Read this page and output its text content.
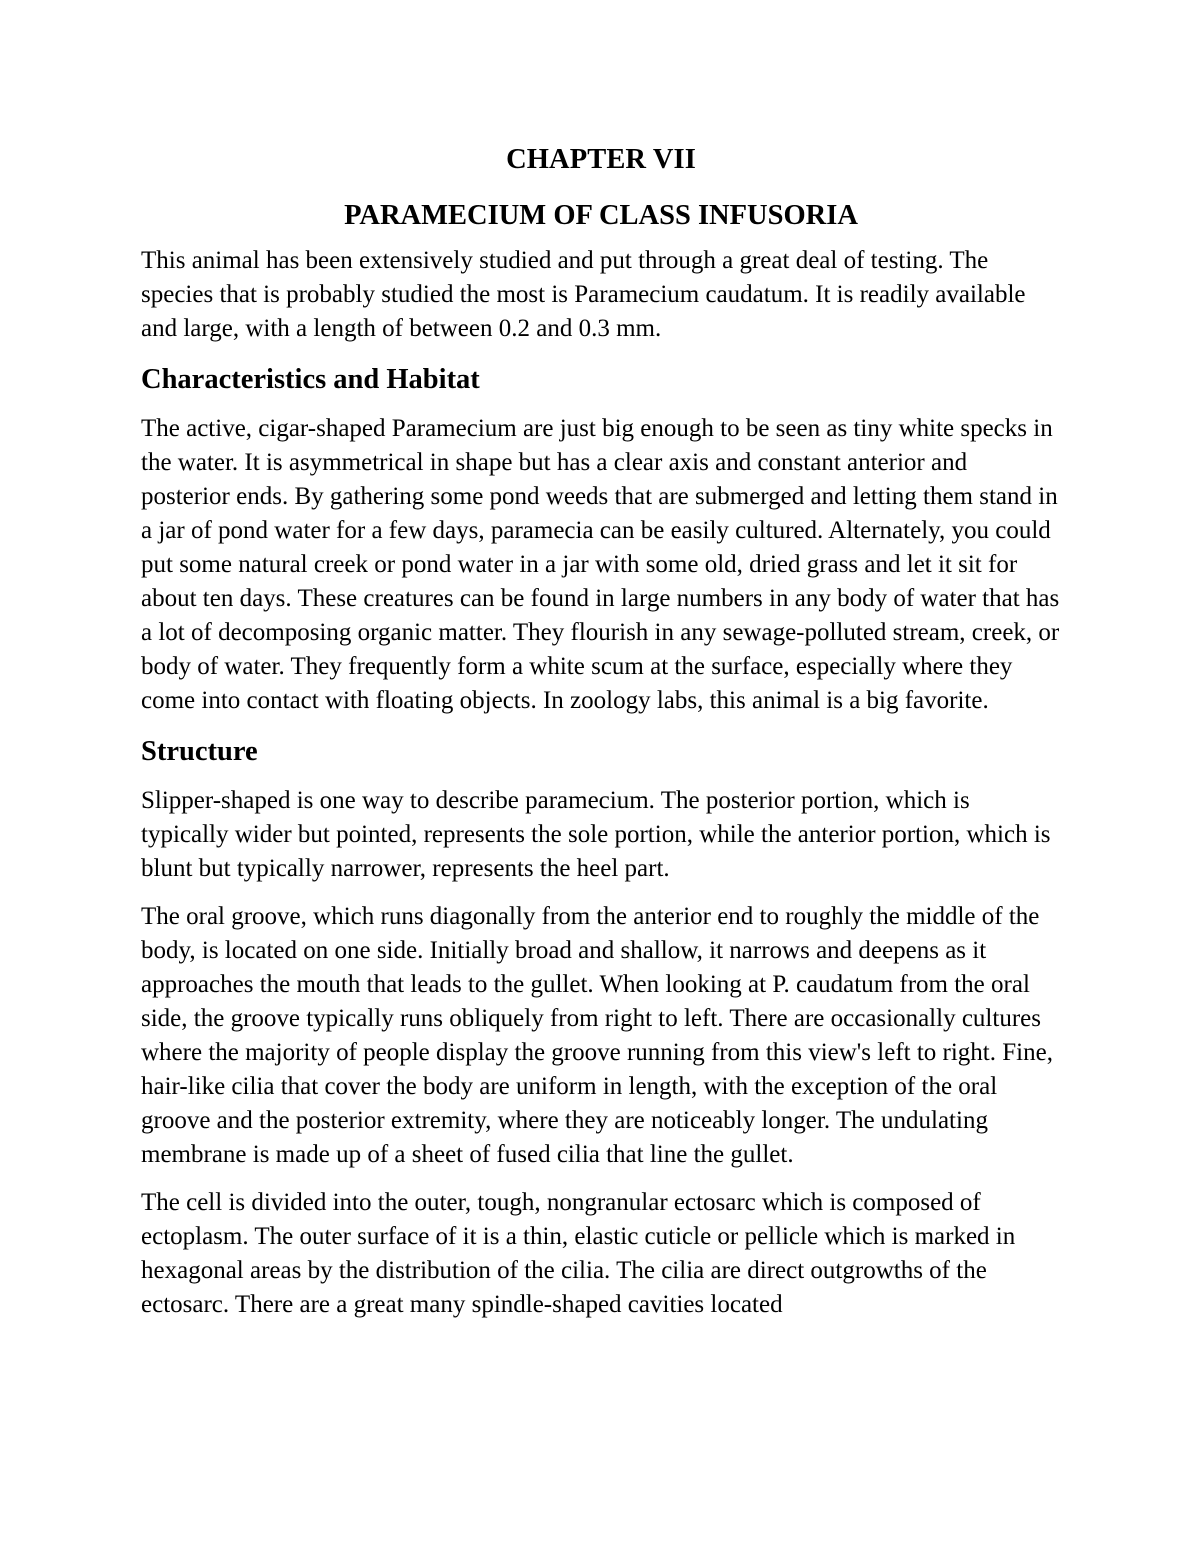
CHAPTER VII
PARAMECIUM OF CLASS INFUSORIA

This animal has been extensively studied and put through a great deal of testing. The species that is probably studied the most is Paramecium caudatum. It is readily available and large, with a length of between 0.2 and 0.3 mm.

Characteristics and Habitat

The active, cigar-shaped Paramecium are just big enough to be seen as tiny white specks in the water. It is asymmetrical in shape but has a clear axis and constant anterior and posterior ends. By gathering some pond weeds that are submerged and letting them stand in a jar of pond water for a few days, paramecia can be easily cultured. Alternately, you could put some natural creek or pond water in a jar with some old, dried grass and let it sit for about ten days. These creatures can be found in large numbers in any body of water that has a lot of decomposing organic matter. They flourish in any sewage-polluted stream, creek, or body of water. They frequently form a white scum at the surface, especially where they come into contact with floating objects. In zoology labs, this animal is a big favorite.

Structure

Slipper-shaped is one way to describe paramecium. The posterior portion, which is typically wider but pointed, represents the sole portion, while the anterior portion, which is blunt but typically narrower, represents the heel part.

The oral groove, which runs diagonally from the anterior end to roughly the middle of the body, is located on one side. Initially broad and shallow, it narrows and deepens as it approaches the mouth that leads to the gullet. When looking at P. caudatum from the oral side, the groove typically runs obliquely from right to left. There are occasionally cultures where the majority of people display the groove running from this view's left to right. Fine, hair-like cilia that cover the body are uniform in length, with the exception of the oral groove and the posterior extremity, where they are noticeably longer. The undulating membrane is made up of a sheet of fused cilia that line the gullet.

The cell is divided into the outer, tough, nongranular ectosarc which is composed of ectoplasm. The outer surface of it is a thin, elastic cuticle or pellicle which is marked in hexagonal areas by the distribution of the cilia. The cilia are direct outgrowths of the ectosarc. There are a great many spindle-shaped cavities located
